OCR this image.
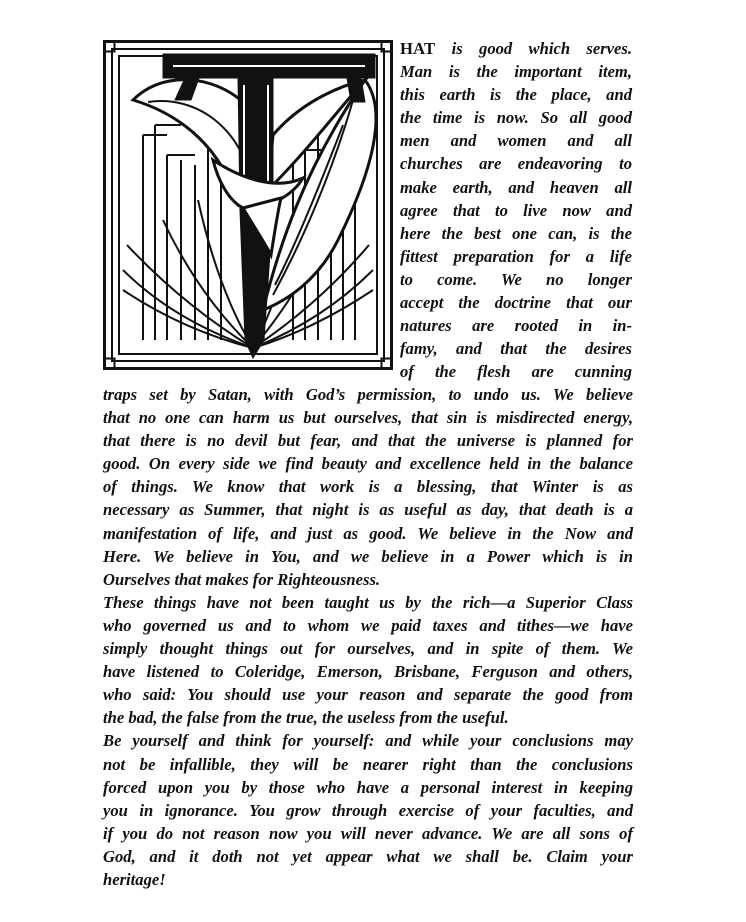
HAT is good which serves.
Man is the important item,
this earth is the place, and
the time is now. So all good
men and women and all
churches are endeavoring to
make earth, and heaven all
agree that to live now and
here the best one can, is the
fittest preparation for a life
to come. We no longer
accept the doctrine that our
natures are rooted in in-
famy, and that the desires
of the flesh are cunning
traps set by Satan, with God’s permission, to undo us. We believe
that no one can harm us but ourselves, that sin is misdirected energy,
that there is no devil but fear, and that the universe is planned for
good. On every side we find beauty and excellence held in the balance
of things. We know that work is a blessing, that Winter is as
necessary as Summer, that night is as useful as day, that death is a
manifestation of life, and just as good. We believe in the Now and
Here. We believe in You, and we believe in a Power which is in
Ourselves that makes for Righteousness.
These things have not been taught us by the rich—a Superior Class
who governed us and to whom we paid taxes and tithes—we have
simply thought things out for ourselves, and in spite of them. We
have listened to Coleridge, Emerson, Brisbane, Ferguson and others,
who said: You should use your reason and separate the good from
the bad, the false from the true, the useless from the useful.
Be yourself and think for yourself: and while your conclusions may
not be infallible, they will be nearer right than the conclusions
forced upon you by those who have a personal interest in keeping
you in ignorance. You grow through exercise of your faculties, and
if you do not reason now you will never advance. We are all sons of
God, and it doth not yet appear what we shall be. Claim your
heritage!
